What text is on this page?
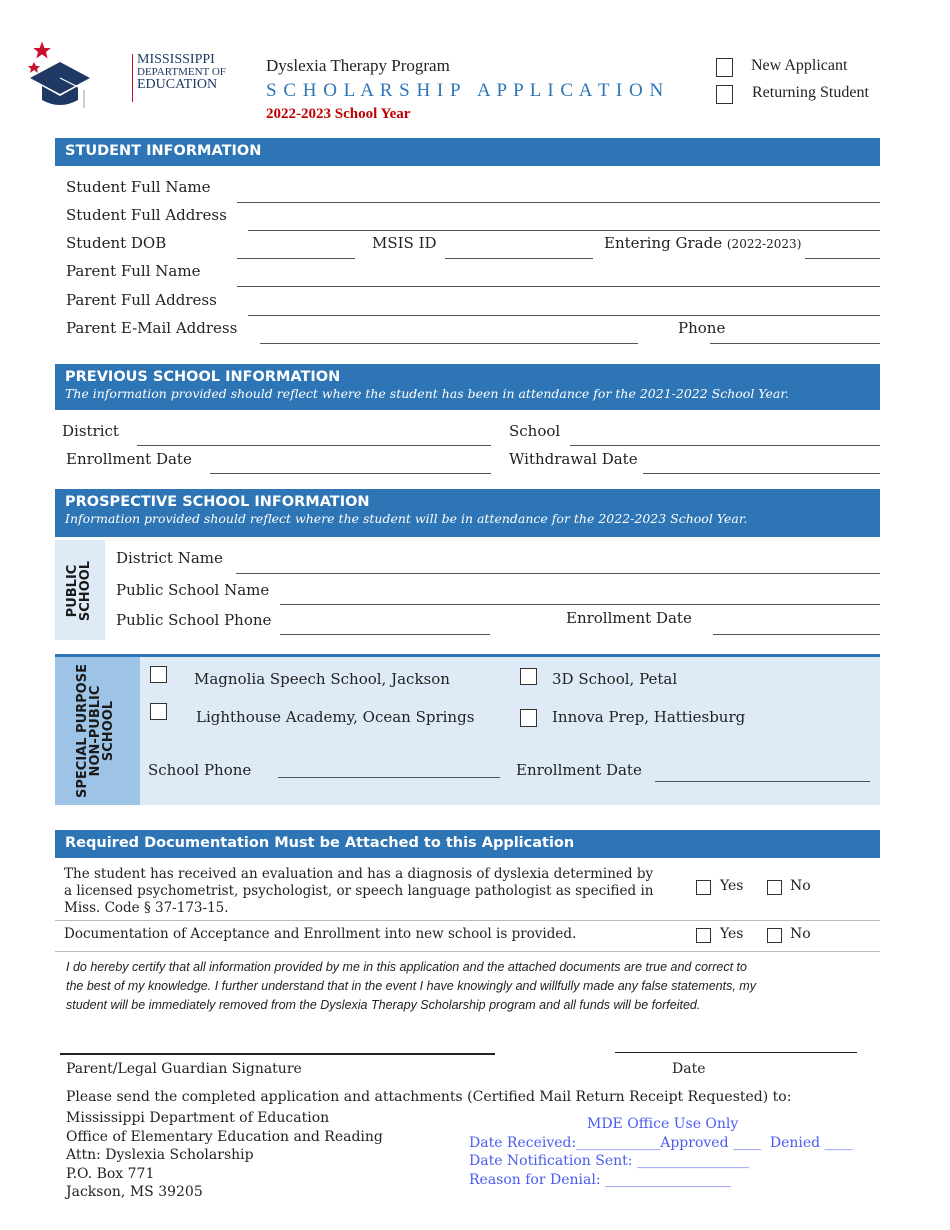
MISSISSIPPI
DEPARTMENT OF
EDUCATION
Dyslexia Therapy Program
S C H O L A R S H I P   A P P L I C A T I O N
2022-2023 School Year
New Applicant
Returning Student
STUDENT INFORMATION
Student Full Name
Student Full Address
Student DOB	MSIS ID	Entering Grade (2022-2023)
Parent Full Name
Parent Full Address
Parent E-Mail Address	Phone
PREVIOUS SCHOOL INFORMATION
The information provided should reflect where the student has been in attendance for the 2021-2022 School Year.
District	School
Enrollment Date	Withdrawal Date
PROSPECTIVE SCHOOL INFORMATION
Information provided should reflect where the student will be in attendance for the 2022-2023 School Year.
PUBLIC
SCHOOL
District Name
Public School Name
Public School Phone	Enrollment Date
SPECIAL PURPOSE
NON-PUBLIC
SCHOOL
Magnolia Speech School, Jackson	3D School, Petal
Lighthouse Academy, Ocean Springs	Innova Prep, Hattiesburg
School Phone	Enrollment Date
Required Documentation Must be Attached to this Application
The student has received an evaluation and has a diagnosis of dyslexia determined by
a licensed psychometrist, psychologist, or speech language pathologist as specified in
Miss. Code § 37-173-15.
Yes	No
Documentation of Acceptance and Enrollment into new school is provided.	Yes	No
I do hereby certify that all information provided by me in this application and the attached documents are true and correct to
the best of my knowledge. I further understand that in the event I have knowingly and willfully made any false statements, my
student will be immediately removed from the Dyslexia Therapy Scholarship program and all funds will be forfeited.
Parent/Legal Guardian Signature	Date
Please send the completed application and attachments (Certified Mail Return Receipt Requested) to:
Mississippi Department of Education
Office of Elementary Education and Reading
Attn: Dyslexia Scholarship
P.O. Box 771
Jackson, MS 39205
MDE Office Use Only
Date Received:____________Approved ____  Denied ____
Date Notification Sent: ________________
Reason for Denial: __________________
